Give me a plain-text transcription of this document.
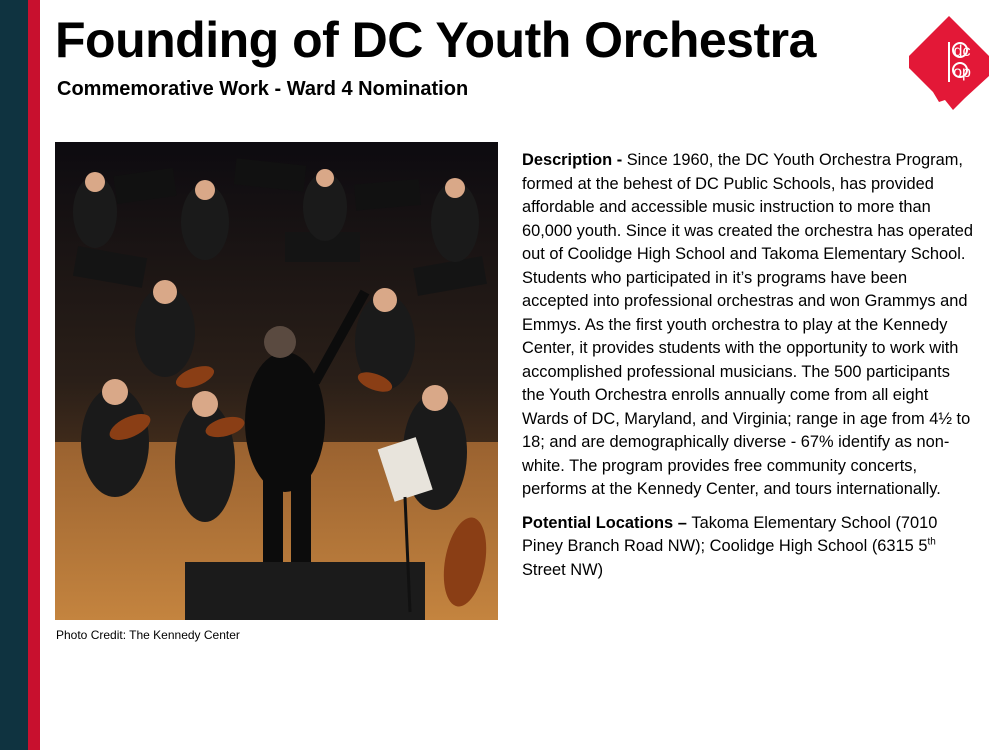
Founding of DC Youth Orchestra
Commemorative Work - Ward 4 Nomination
dc
op
Photo Credit: The Kennedy Center

Description - Since 1960, the DC Youth Orchestra Program, formed at the behest of DC Public Schools, has provided affordable and accessible music instruction to more than 60,000 youth. Since it was created the orchestra has operated out of Coolidge High School and Takoma Elementary School. Students who participated in it’s programs have been accepted into professional orchestras and won Grammys and Emmys. As the first youth orchestra to play at the Kennedy Center, it provides students with the opportunity to work with accomplished professional musicians. The 500 participants the Youth Orchestra enrolls annually come from all eight Wards of DC, Maryland, and Virginia; range in age from 4½ to 18; and are demographically diverse - 67% identify as non-white. The program provides free community concerts, performs at the Kennedy Center, and tours internationally.

Potential Locations – Takoma Elementary School (7010 Piney Branch Road NW); Coolidge High School (6315 5th Street NW)
